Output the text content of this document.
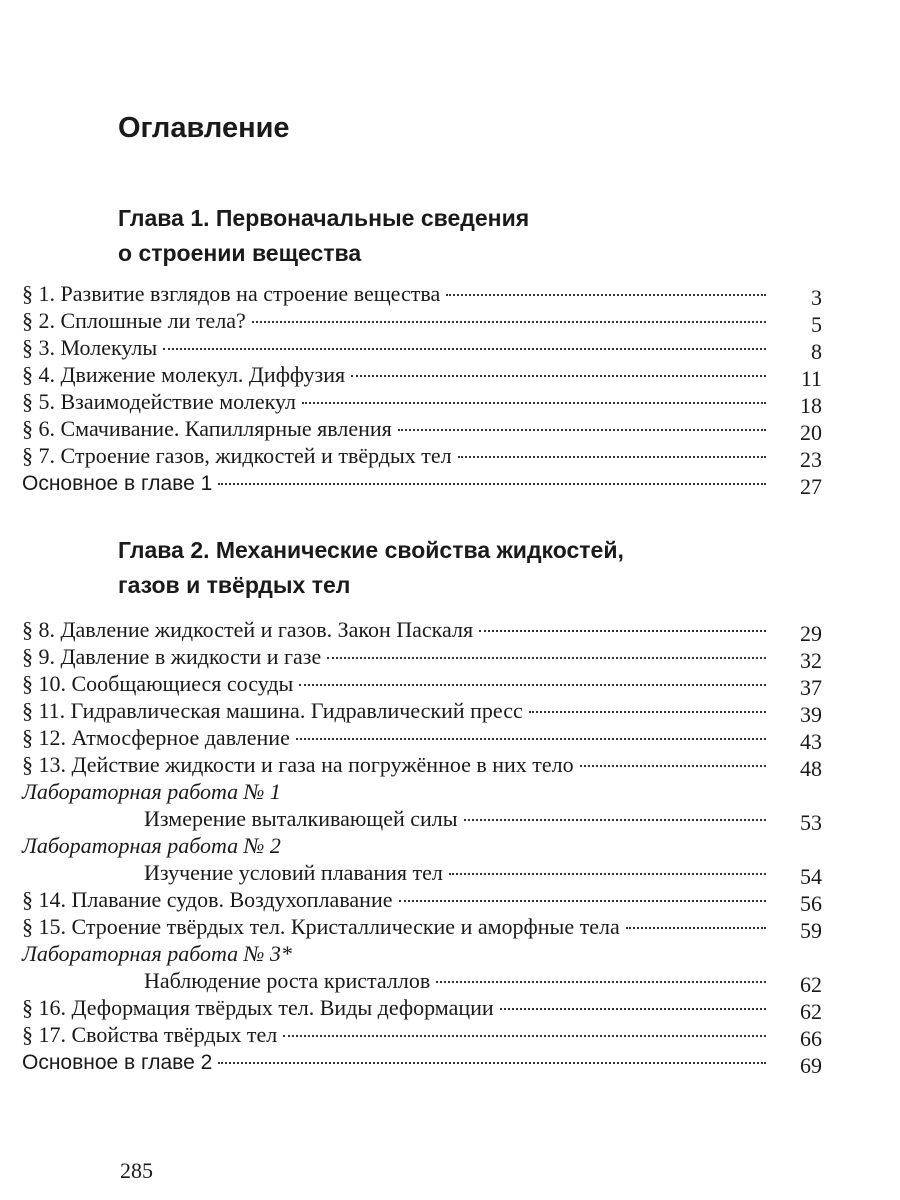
Оглавление
Глава 1. Первоначальные сведения
о строении вещества
§ 1. Развитие взглядов на строение вещества	3
§ 2. Сплошные ли тела?	5
§ 3. Молекулы	8
§ 4. Движение молекул. Диффузия	11
§ 5. Взаимодействие молекул	18
§ 6. Смачивание. Капиллярные явления	20
§ 7. Строение газов, жидкостей и твёрдых тел	23
Основное в главе 1	27
Глава 2. Механические свойства жидкостей,
газов и твёрдых тел
§ 8. Давление жидкостей и газов. Закон Паскаля	29
§ 9. Давление в жидкости и газе	32
§ 10. Сообщающиеся сосуды	37
§ 11. Гидравлическая машина. Гидравлический пресс	39
§ 12. Атмосферное давление	43
§ 13. Действие жидкости и газа на погружённое в них тело	48
Лабораторная работа № 1
Измерение выталкивающей силы	53
Лабораторная работа № 2
Изучение условий плавания тел	54
§ 14. Плавание судов. Воздухоплавание	56
§ 15. Строение твёрдых тел. Кристаллические и аморфные тела	59
Лабораторная работа № 3*
Наблюдение роста кристаллов	62
§ 16. Деформация твёрдых тел. Виды деформации	62
§ 17. Свойства твёрдых тел	66
Основное в главе 2	69
285
